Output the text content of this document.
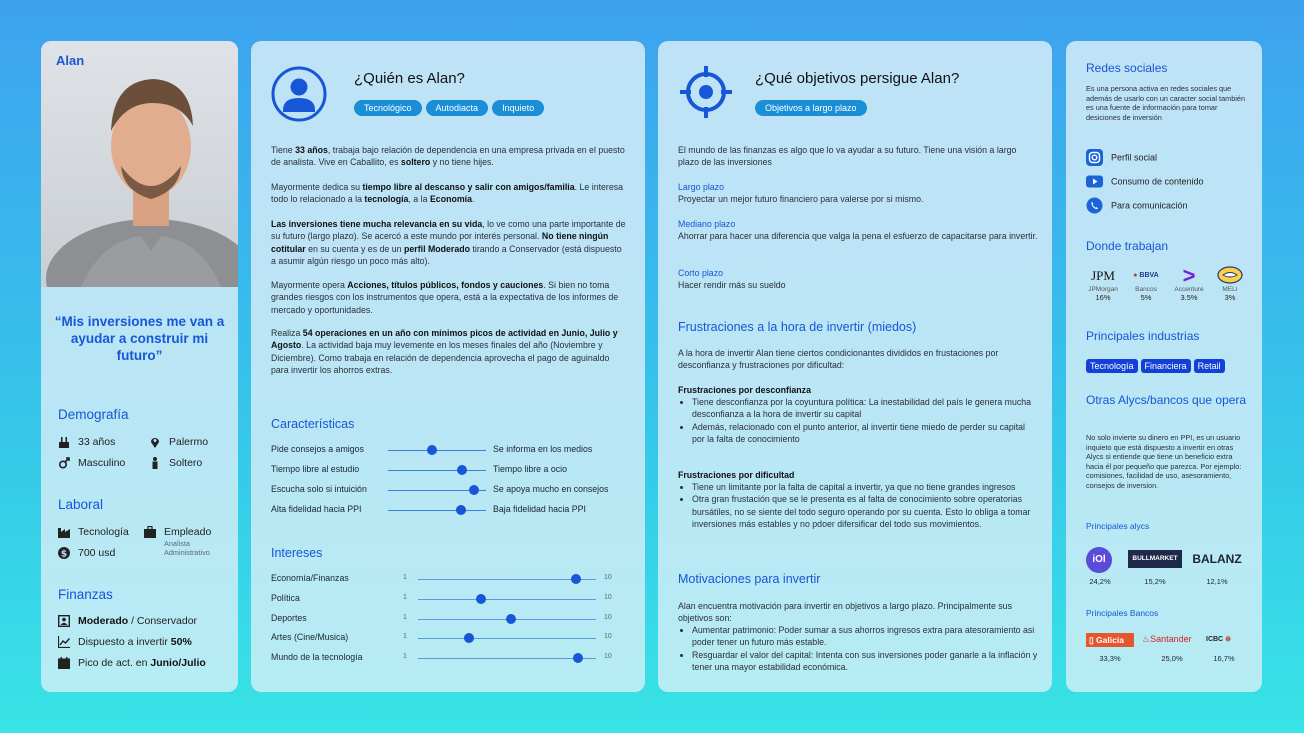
Alan
“Mis inversiones me van a ayudar a construir mi futuro”
Demografía
33 años	Palermo
Masculino	Soltero
Laboral
Tecnología	Empleado
Analista Administrativo
$ 700 usd
Finanzas
Moderado / Conservador
Dispuesto a invertir 50%
Pico de act. en Junio/Julio
¿Quién es Alan?
Tecnológico	Autodiacta	Inquieto
Tiene 33 años, trabaja bajo relación de dependencia en una empresa privada en el puesto de analista. Vive en Caballito, es soltero y no tiene hijes.
Mayormente dedica su tiempo libre al descanso y salir con amigos/familia. Le interesa todo lo relacionado a la tecnología, a la Economía.
Las inversiones tiene mucha relevancia en su vida, lo ve como una parte importante de su futuro (largo plazo). Se acercó a este mundo por interés personal. No tiene ningún cotitular en su cuenta y es de un perfil Moderado tirando a Conservador (está dispuesto a asumir algún riesgo un poco más alto).
Mayormente opera Acciones, títulos públicos, fondos y cauciones. Si bien no toma grandes riesgos con los instrumentos que opera, está a la expectativa de los informes de mercado y oportunidades.
Realiza 54 operaciones en un año con mínimos picos de actividad en Junio, Julio y Agosto. La actividad baja muy levemente en los meses finales del año (Noviembre y Diciembre). Como trabaja en relación de dependencia aprovecha el pago de aguinaldo para invertir los ahorros extras.
Características
Pide consejos a amigos	Se informa en los medios
Tiempo libre al estudio	Tiempo libre a ocio
Escucha solo si intuición	Se apoya mucho en consejos
Alta fidelidad hacia PPI	Baja fidelidad hacia PPI
Intereses
Economía/Finanzas	1	10
Política	1	10
Deportes	1	10
Artes (Cine/Musica)	1	10
Mundo de la tecnología	1	10
¿Qué objetivos persigue Alan?
Objetivos a largo plazo
El mundo de las finanzas es algo que lo va ayudar a su futuro. Tiene una visión a largo plazo de las inversiones
Largo plazo
Proyectar un mejor futuro financiero para valerse por si mismo.
Mediano plazo
Ahorrar para hacer una diferencia que valga la pena el esfuerzo de capacitarse para invertir.
Corto plazo
Hacer rendir más su sueldo
Frustraciones a la hora de invertir (miedos)
A la hora de invertir Alan tiene ciertos condicionantes divididos en frustaciones por desconfianza y frustraciones por dificultad:
Frustraciones por desconfianza
• Tiene desconfianza por la coyuntura política: La inestabilidad del país le genera mucha desconfianza a la hora de invertir su capital
• Además, relacionado con el punto anterior, al invertir tiene miedo de perder su capital por la falta de conocimiento
Frustraciones por dificultad
• Tiene un limitante por la falta de capital a invertir, ya que no tiene grandes ingresos
• Otra gran frustación que se le presenta es al falta de conocimiento sobre operatorias bursátiles, no se siente del todo seguro operando por su cuenta. Esto lo obliga a tomar inversiones más estables y no pdoer difersificar del todo sus movimientos.
Motivaciones para invertir
Alan encuentra motivación para invertir en objetivos a largo plazo. Principalmente sus objetivos son:
• Aumentar patrimonio: Poder sumar a sus ahorros ingresos extra para atesoramiento asi poder tener un futuro más estable.
• Resguardar el valor del capital: Intenta con sus inversiones poder ganarle a la inflación y tener una mayor estabilidad económica.
Redes sociales
Es una persona activa en redes sociales que además de usarlo con un caracter social también es una fuente de información para tomar desiciones de inversión
Perfil social
Consumo de contenido
Para comunicación
Donde trabajan
JPM
JPMorgan
16%
● BBVA
Bancos
5%
>
Accenture
3.5%
MELI
3%
Principales industrias
Tecnología Financiera Retail
Otras Alycs/bancos que opera
No solo invierte su dinero en PPI, es un usuario inquieto que está dispuesto a invertir en otras Alycs si entiende que tiene un beneficio extra hacia él por pequeño que parezca. Por ejemplo: comisiones, facilidad de uso, asesoramiento, consejos de inversion.
Principales alycs
iOl
24,2%
BULLMARKET
15,2%
BALANZ
12,1%
Principales Bancos
▯ Galicia
33,3%
♨Santander
25,0%
ICBC ⊛
16,7%
